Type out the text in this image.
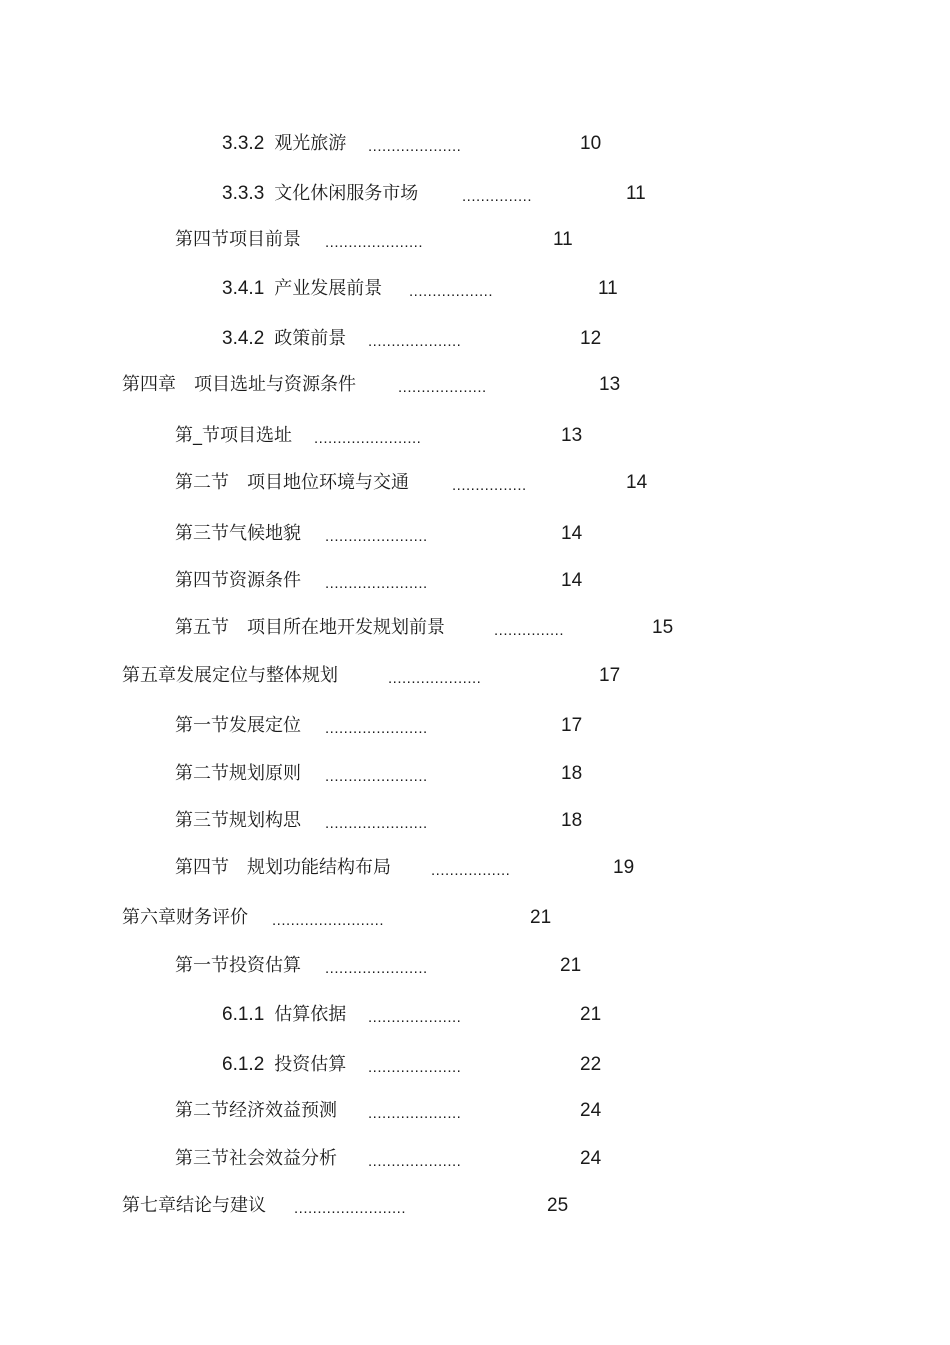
3.3.2 观光旅游 ....................	10
3.3.3 文化休闲服务市场	...............	11
第四节项目前景 .....................	11
3.4.1 产业发展前景 ..................	11
3.4.2 政策前景 ....................	12
第四章　项目选址与资源条件	...................	13
第_节项目选址 .......................	13
第二节　项目地位环境与交通	................	14
第三节气候地貌 ......................	14
第四节资源条件 ......................	14
第五节　项目所在地开发规划前景	...............	15
第五章发展定位与整体规划	....................	17
第一节发展定位 ......................	17
第二节规划原则 ......................	18
第三节规划构思 ......................	18
第四节　规划功能结构布局	.................	19
第六章财务评价 ........................	21
第一节投资估算 ......................	21
6.1.1 估算依据 ....................	21
6.1.2 投资估算 ....................	22
第二节经济效益预测 ....................	24
第三节社会效益分析 ....................	24
第七章结论与建议 ........................	25
